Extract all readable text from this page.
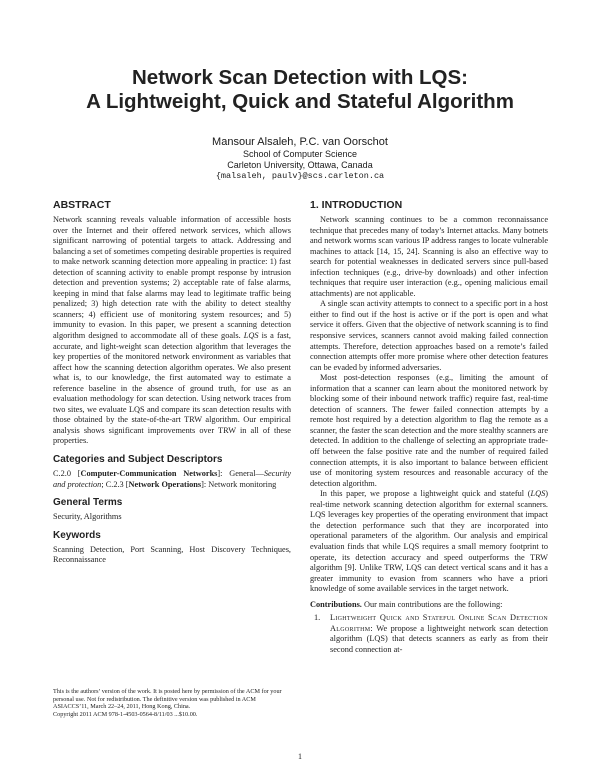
Network Scan Detection with LQS:

A Lightweight, Quick and Stateful Algorithm

Mansour Alsaleh, P.C. van Oorschot
School of Computer Science
Carleton University, Ottawa, Canada
{malsaleh, paulv}@scs.carleton.ca
ABSTRACT

Network scanning reveals valuable information of accessible hosts over the Internet and their offered network services, which allows significant narrowing of potential targets to attack. Addressing and balancing a set of sometimes competing desirable properties is required to make network scanning detection more appealing in practice: 1) fast detection of scanning activity to enable prompt response by intrusion detection and prevention systems; 2) acceptable rate of false alarms, keeping in mind that false alarms may lead to legitimate traffic being penalized; 3) high detection rate with the ability to detect stealthy scanners; 4) efficient use of monitoring system resources; and 5) immunity to evasion. In this paper, we present a scanning detection algorithm designed to accommodate all of these goals. LQS is a fast, accurate, and light-weight scan detection algorithm that leverages the key properties of the monitored network environment as variables that affect how the scanning detection algorithm operates. We also present what is, to our knowledge, the first automated way to estimate a reference baseline in the absence of ground truth, for use as an evaluation methodology for scan detection. Using network traces from two sites, we evaluate LQS and compare its scan detection results with those obtained by the state-of-the-art TRW algorithm. Our empirical analysis shows significant improvements over TRW in all of these properties.

Categories and Subject Descriptors

C.2.0 [Computer-Communication Networks]: General—Security and protection; C.2.3 [Network Operations]: Network monitoring

General Terms

Security, Algorithms

Keywords

Scanning Detection, Port Scanning, Host Discovery Techniques, Reconnaissance

This is the authors’ version of the work. It is posted here by permission of the ACM for your personal use. Not for redistribution. The definitive version was published in ACM ASIACCS’11, March 22–24, 2011, Hong Kong, China.

Copyright 2011 ACM 978-1-4503-0564-8/11/03 ...$10.00.

1. INTRODUCTION

Network scanning continues to be a common reconnaissance technique that precedes many of today’s Internet attacks. Many botnets and network worms scan various IP address ranges to locate vulnerable machines to attack [14, 15, 24]. Scanning is also an effective way to search for potential weaknesses in dedicated servers since pull-based infection techniques (e.g., drive-by downloads) and other infection techniques that require user interaction (e.g., opening malicious email attachments) are not applicable.

A single scan activity attempts to connect to a specific port in a host either to find out if the host is active or if the port is open and what service it offers. Given that the objective of network scanning is to find responsive services, scanners cannot avoid making failed connection attempts. Therefore, detection approaches based on a remote’s failed connection attempts offer more promise where other detection features can be evaded by informed adversaries.

Most post-detection responses (e.g., limiting the amount of information that a scanner can learn about the monitored network by blocking some of their inbound network traffic) require fast, real-time detection of scanners. The fewer failed connection attempts by a remote host required by a detection algorithm to flag the remote as a scanner, the faster the scan detection and the more stealthy scanners are detected. In addition to the challenge of selecting an appropriate trade-off between the false positive rate and the number of required failed connection attempts, it is also important to balance between efficient use of monitoring system resources and reasonable accuracy of the detection algorithm.

In this paper, we propose a lightweight quick and stateful (LQS) real-time network scanning detection algorithm for external scanners. LQS leverages key properties of the operating environment that impact the detection performance such that they are incorporated into operational parameters of the algorithm. Our analysis and empirical evaluation finds that while LQS requires a small memory footprint to operate, its detection accuracy and speed outperforms the TRW algorithm [9]. Unlike TRW, LQS can detect vertical scans and it has a greater immunity to evasion from scanners who have a priori knowledge of some available services in the target network.

Contributions. Our main contributions are the following:

1.	Lightweight Quick and Stateful Online Scan Detection Algorithm: We propose a lightweight network scan detection algorithm (LQS) that detects scanners as early as from their second connection at-
1
